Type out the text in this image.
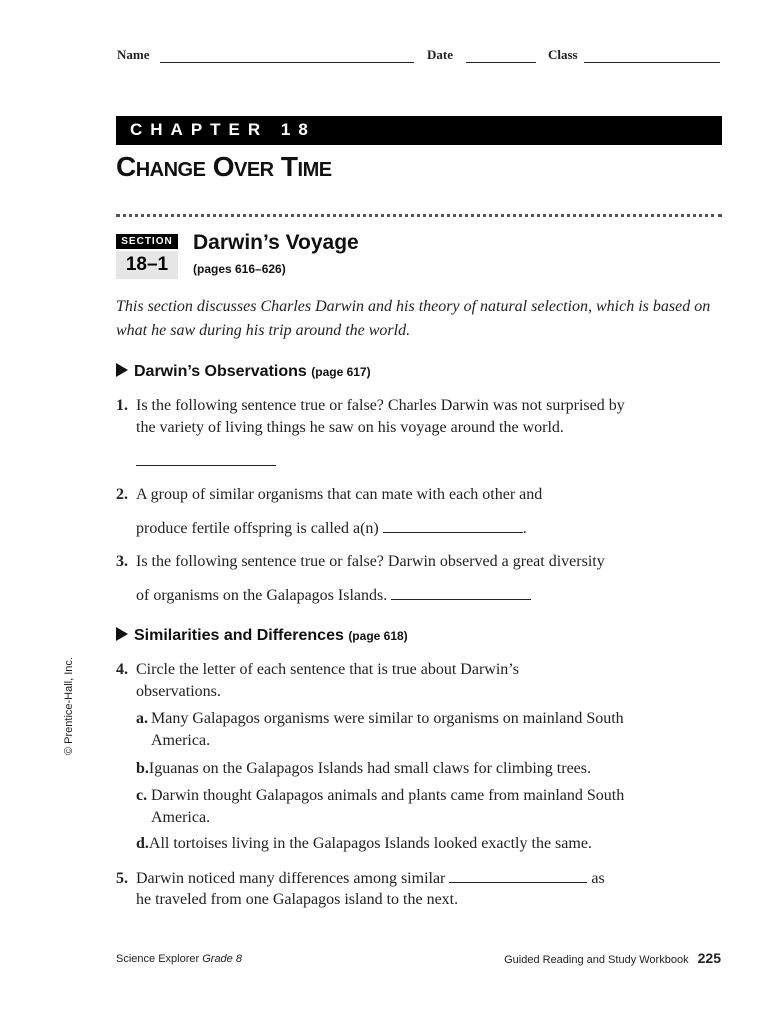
Name	Date	Class
CHAPTER 18
Change Over Time
SECTION
18–1
Darwin’s Voyage
(pages 616–626)
This section discusses Charles Darwin and his theory of natural selection, which is based on what he saw during his trip around the world.
Darwin’s Observations (page 617)
1. Is the following sentence true or false? Charles Darwin was not surprised by the variety of living things he saw on his voyage around the world.
2. A group of similar organisms that can mate with each other and
produce fertile offspring is called a(n)	.
3. Is the following sentence true or false? Darwin observed a great diversity
of organisms on the Galapagos Islands.
Similarities and Differences (page 618)
4. Circle the letter of each sentence that is true about Darwin’s observations.
a. Many Galapagos organisms were similar to organisms on mainland South America.
b.Iguanas on the Galapagos Islands had small claws for climbing trees.
c. Darwin thought Galapagos animals and plants came from mainland South America.
d.All tortoises living in the Galapagos Islands looked exactly the same.
5. Darwin noticed many differences among similar	as
he traveled from one Galapagos island to the next.
© Prentice-Hall, Inc.
Science Explorer Grade 8	Guided Reading and Study Workbook 225
